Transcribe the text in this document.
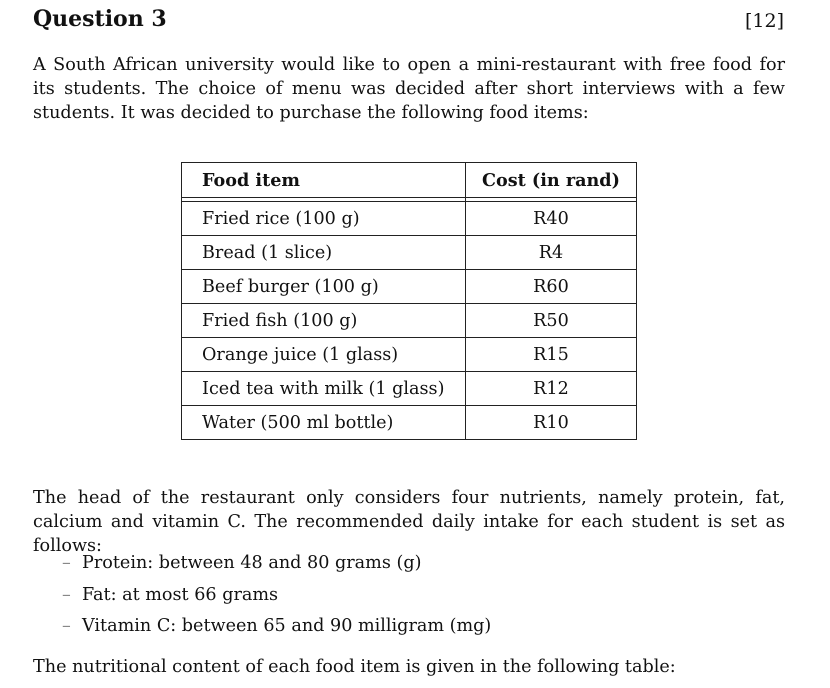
Question 3	[12]

A South African university would like to open a mini-restaurant with free food for its students. The choice of menu was decided after short interviews with a few students. It was decided to purchase the following food items:

Food item	Cost (in rand)

Fried rice (100 g)	R40
Bread (1 slice)	R4
Beef burger (100 g)	R60
Fried fish (100 g)	R50
Orange juice (1 glass)	R15
Iced tea with milk (1 glass)	R12
Water (500 ml bottle)	R10

The head of the restaurant only considers four nutrients, namely protein, fat, calcium and vitamin C. The recommended daily intake for each student is set as follows:

– Protein: between 48 and 80 grams (g)
– Fat: at most 66 grams
– Vitamin C: between 65 and 90 milligram (mg)

The nutritional content of each food item is given in the following table:
